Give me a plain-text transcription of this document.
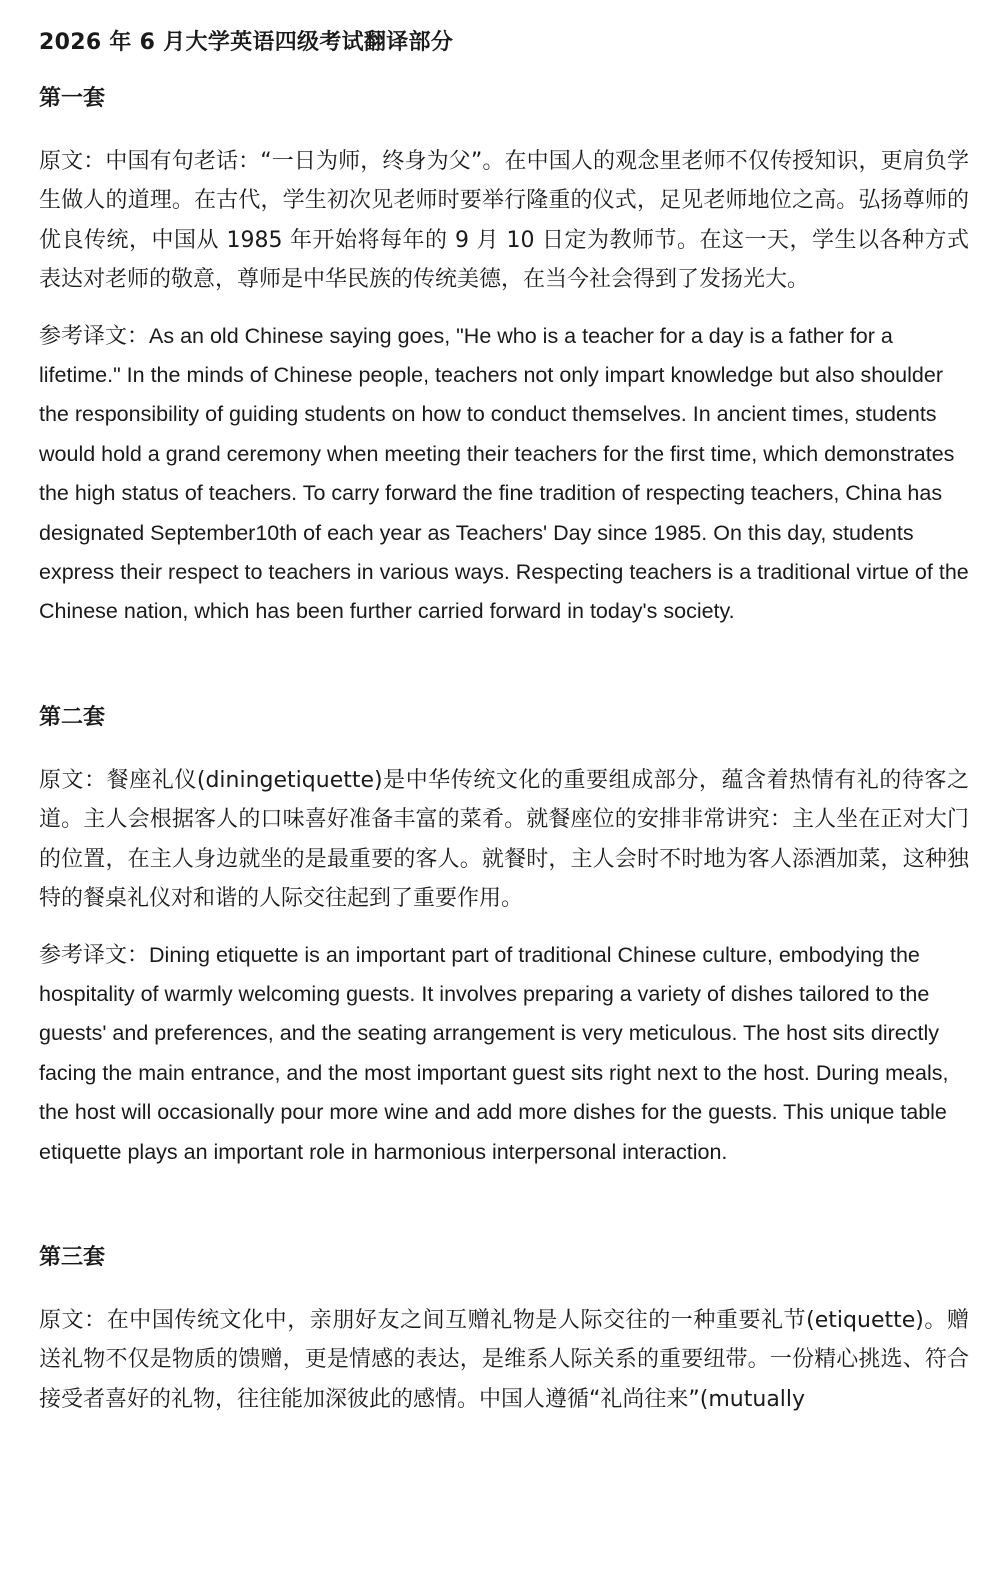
2026 年 6 月大学英语四级考试翻译部分
第一套

原文：中国有句老话：“一日为师，终身为父”。在中国人的观念里老师不仅传授知识，更肩负学生做人的道理。在古代，学生初次见老师时要举行隆重的仪式，足见老师地位之高。弘扬尊师的优良传统，中国从 1985 年开始将每年的 9 月 10 日定为教师节。在这一天，学生以各种方式表达对老师的敬意，尊师是中华民族的传统美德，在当今社会得到了发扬光大。

参考译文：As an old Chinese saying goes, "He who is a teacher for a day is a father for a lifetime." In the minds of Chinese people, teachers not only impart knowledge but also shoulder the responsibility of guiding students on how to conduct themselves. In ancient times, students would hold a grand ceremony when meeting their teachers for the first time, which demonstrates the high status of teachers. To carry forward the fine tradition of respecting teachers, China has designated September10th of each year as Teachers' Day since 1985. On this day, students express their respect to teachers in various ways. Respecting teachers is a traditional virtue of the Chinese nation, which has been further carried forward in today's society.

第二套

原文：餐座礼仪(diningetiquette)是中华传统文化的重要组成部分，蕴含着热情有礼的待客之道。主人会根据客人的口味喜好准备丰富的菜肴。就餐座位的安排非常讲究：主人坐在正对大门的位置，在主人身边就坐的是最重要的客人。就餐时，主人会时不时地为客人添酒加菜，这种独特的餐桌礼仪对和谐的人际交往起到了重要作用。

参考译文：Dining etiquette is an important part of traditional Chinese culture, embodying the hospitality of warmly welcoming guests. It involves preparing a variety of dishes tailored to the guests' and preferences, and the seating arrangement is very meticulous. The host sits directly facing the main entrance, and the most important guest sits right next to the host. During meals, the host will occasionally pour more wine and add more dishes for the guests. This unique table etiquette plays an important role in harmonious interpersonal interaction.

第三套

原文：在中国传统文化中，亲朋好友之间互赠礼物是人际交往的一种重要礼节(etiquette)。赠送礼物不仅是物质的馈赠，更是情感的表达，是维系人际关系的重要纽带。一份精心挑选、符合接受者喜好的礼物，往往能加深彼此的感情。中国人遵循“礼尚往来”(mutually
